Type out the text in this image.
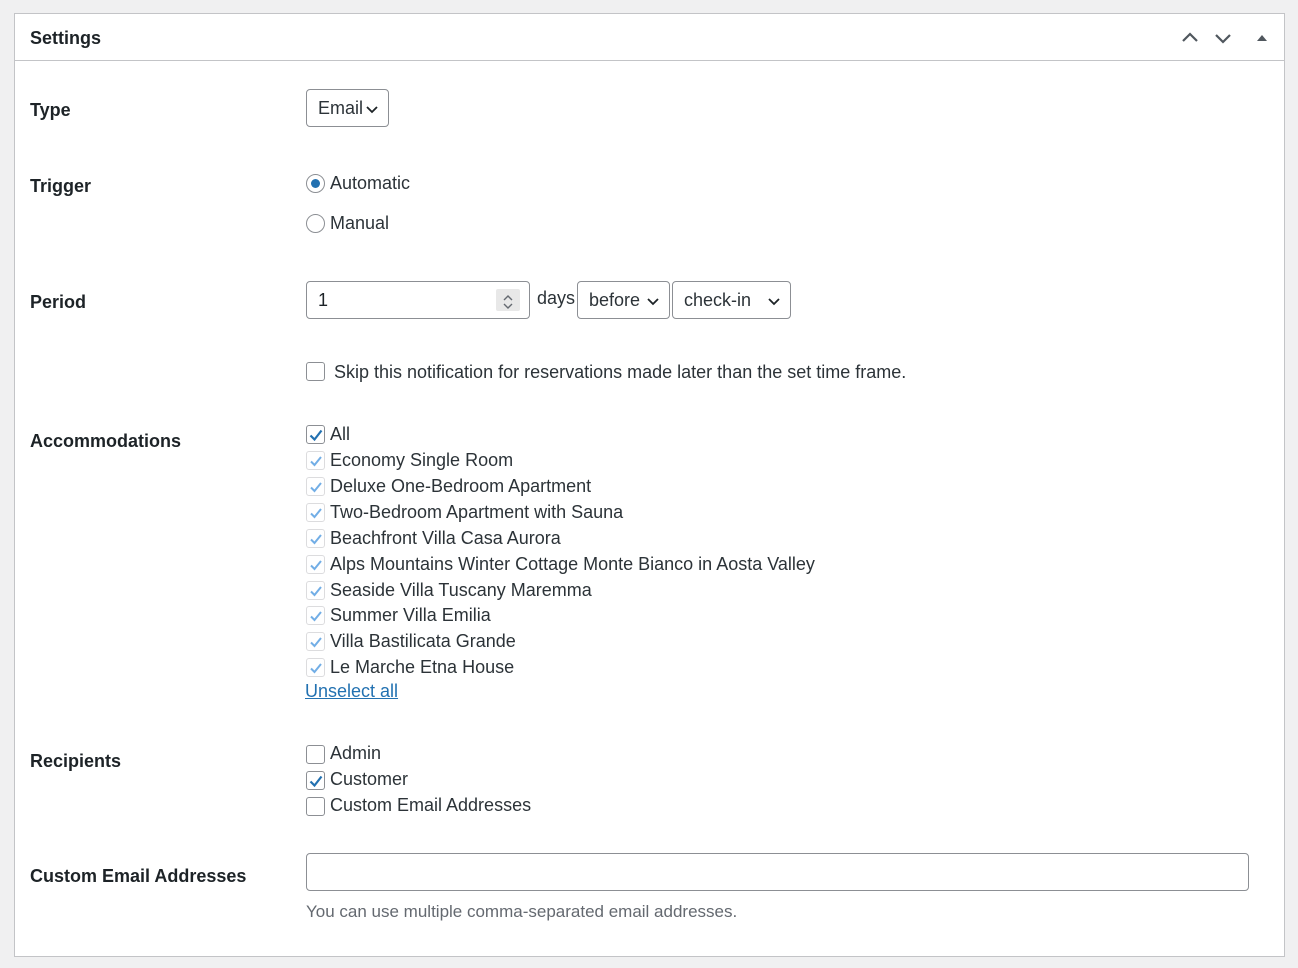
Settings
Type	Email
Trigger	Automatic
Manual
Period	1	days before	check-in
Skip this notification for reservations made later than the set time frame.
Accommodations	All
Economy Single Room
Deluxe One-Bedroom Apartment
Two-Bedroom Apartment with Sauna
Beachfront Villa Casa Aurora
Alps Mountains Winter Cottage Monte Bianco in Aosta Valley
Seaside Villa Tuscany Maremma
Summer Villa Emilia
Villa Bastilicata Grande
Le Marche Etna House
Unselect all
Recipients	Admin
Customer
Custom Email Addresses
Custom Email Addresses
You can use multiple comma-separated email addresses.
